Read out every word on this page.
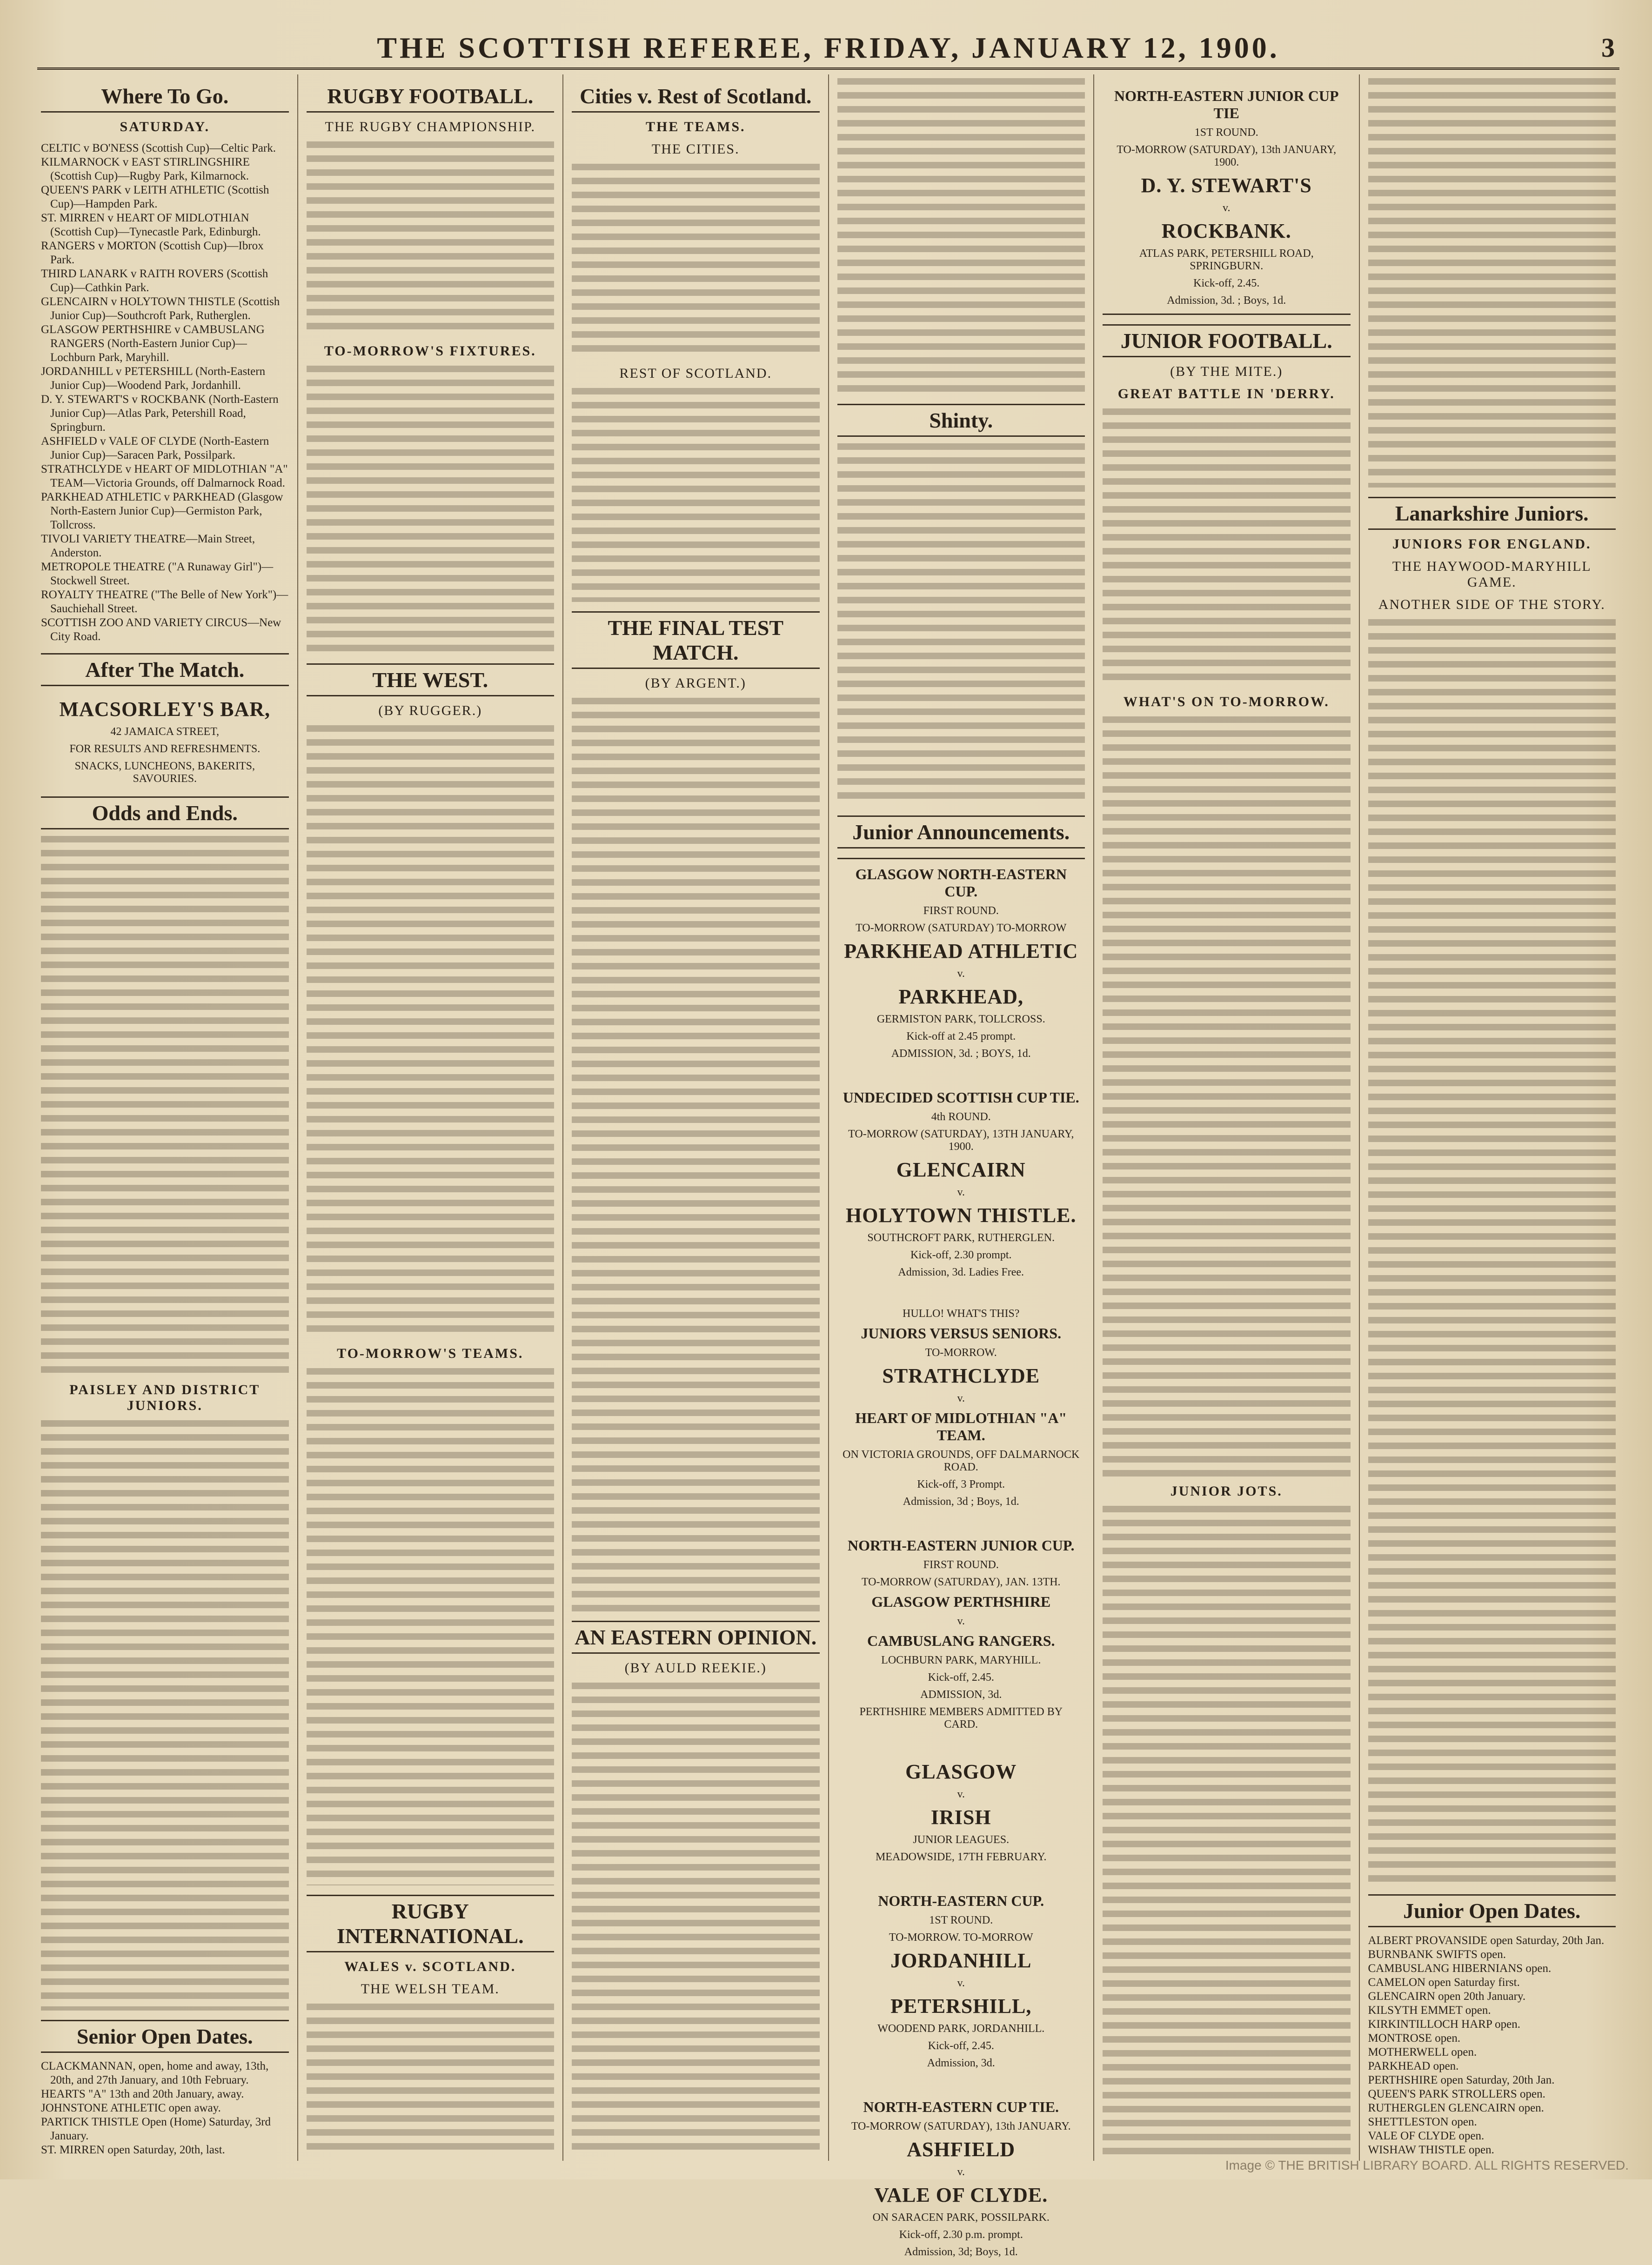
THE SCOTTISH REFEREE, FRIDAY, JANUARY 12, 1900.	3
Where To Go.
SATURDAY.
CELTIC v BO'NESS (Scottish Cup)—Celtic Park.
KILMARNOCK v EAST STIRLINGSHIRE (Scottish Cup)—Rugby Park, Kilmarnock.
QUEEN'S PARK v LEITH ATHLETIC (Scottish Cup)—Hampden Park.
ST. MIRREN v HEART OF MIDLOTHIAN (Scottish Cup)—Tynecastle Park, Edinburgh.
RANGERS v MORTON (Scottish Cup)—Ibrox Park.
THIRD LANARK v RAITH ROVERS (Scottish Cup)—Cathkin Park.
GLENCAIRN v HOLYTOWN THISTLE (Scottish Junior Cup)—Southcroft Park, Rutherglen.
GLASGOW PERTHSHIRE v CAMBUSLANG RANGERS (North-Eastern Junior Cup)—Lochburn Park, Maryhill.
JORDANHILL v PETERSHILL (North-Eastern Junior Cup)—Woodend Park, Jordanhill.
D. Y. STEWART'S v ROCKBANK (North-Eastern Junior Cup)—Atlas Park, Petershill Road, Springburn.
ASHFIELD v VALE OF CLYDE (North-Eastern Junior Cup)—Saracen Park, Possilpark.
STRATHCLYDE v HEART OF MIDLOTHIAN "A" TEAM—Victoria Grounds, off Dalmarnock Road.
PARKHEAD ATHLETIC v PARKHEAD (Glasgow North-Eastern Junior Cup)—Germiston Park, Tollcross.
TIVOLI VARIETY THEATRE—Main Street, Anderston.
METROPOLE THEATRE ("A Runaway Girl")—Stockwell Street.
ROYALTY THEATRE ("The Belle of New York")—Sauchiehall Street.
SCOTTISH ZOO AND VARIETY CIRCUS—New City Road.
After The Match.
MACSORLEY'S BAR,
42 JAMAICA STREET,
FOR RESULTS AND REFRESHMENTS.
SNACKS, LUNCHEONS, BAKERITS, SAVOURIES.
Odds and Ends.
PAISLEY AND DISTRICT JUNIORS.
Senior Open Dates.
CLACKMANNAN, open, home and away, 13th, 20th, and 27th January, and 10th February.
HEARTS "A" 13th and 20th January, away.
JOHNSTONE ATHLETIC open away.
PARTICK THISTLE Open (Home) Saturday, 3rd January.
ST. MIRREN open Saturday, 20th, last.
RUGBY FOOTBALL.
THE RUGBY CHAMPIONSHIP.
TO-MORROW'S FIXTURES.
THE WEST.
(BY RUGGER.)
TO-MORROW'S TEAMS.
RUGBY INTERNATIONAL.
WALES v. SCOTLAND.
THE WELSH TEAM.
Cities v. Rest of Scotland.
THE TEAMS.
THE CITIES.
REST OF SCOTLAND.
THE FINAL TEST MATCH.
(BY ARGENT.)
AN EASTERN OPINION.
(BY AULD REEKIE.)
Shinty.
Junior Announcements.
GLASGOW NORTH-EASTERN CUP.
FIRST ROUND.
TO-MORROW (SATURDAY) TO-MORROW
PARKHEAD ATHLETIC
v.
PARKHEAD,
GERMISTON PARK, TOLLCROSS.
Kick-off at 2.45 prompt.
ADMISSION, 3d. ; BOYS, 1d.
UNDECIDED SCOTTISH CUP TIE.
4th ROUND.
TO-MORROW (SATURDAY), 13TH JANUARY, 1900.
GLENCAIRN
v.
HOLYTOWN THISTLE.
SOUTHCROFT PARK, RUTHERGLEN.
Kick-off, 2.30 prompt.
Admission, 3d. Ladies Free.
HULLO! WHAT'S THIS?
JUNIORS VERSUS SENIORS.
TO-MORROW.
STRATHCLYDE
v.
HEART OF MIDLOTHIAN "A" TEAM.
ON VICTORIA GROUNDS, OFF DALMARNOCK ROAD.
Kick-off, 3 Prompt.
Admission, 3d ; Boys, 1d.
NORTH-EASTERN JUNIOR CUP.
FIRST ROUND.
TO-MORROW (SATURDAY), JAN. 13TH.
GLASGOW PERTHSHIRE
v.
CAMBUSLANG RANGERS.
LOCHBURN PARK, MARYHILL.
Kick-off, 2.45.
ADMISSION, 3d.
PERTHSHIRE MEMBERS ADMITTED BY CARD.
GLASGOW
v.
IRISH
JUNIOR LEAGUES.
MEADOWSIDE, 17TH FEBRUARY.
NORTH-EASTERN CUP.
1ST ROUND.
TO-MORROW. TO-MORROW
JORDANHILL
v.
PETERSHILL,
WOODEND PARK, JORDANHILL.
Kick-off, 2.45.
Admission, 3d.
NORTH-EASTERN CUP TIE.
TO-MORROW (SATURDAY), 13th JANUARY.
ASHFIELD
v.
VALE OF CLYDE.
ON SARACEN PARK, POSSILPARK.
Kick-off, 2.30 p.m. prompt.
Admission, 3d; Boys, 1d.
NORTH-EASTERN JUNIOR CUP TIE
1ST ROUND.
TO-MORROW (SATURDAY), 13th JANUARY, 1900.
D. Y. STEWART'S
v.
ROCKBANK.
ATLAS PARK, PETERSHILL ROAD, SPRINGBURN.
Kick-off, 2.45.
Admission, 3d. ; Boys, 1d.
JUNIOR FOOTBALL.
(BY THE MITE.)
GREAT BATTLE IN 'DERRY.
WHAT'S ON TO-MORROW.
JUNIOR JOTS.
Lanarkshire Juniors.
JUNIORS FOR ENGLAND.
THE HAYWOOD-MARYHILL GAME.
ANOTHER SIDE OF THE STORY.
Junior Open Dates.
ALBERT PROVANSIDE open Saturday, 20th Jan.
BURNBANK SWIFTS open.
CAMBUSLANG HIBERNIANS open.
CAMELON open Saturday first.
GLENCAIRN open 20th January.
KILSYTH EMMET open.
KIRKINTILLOCH HARP open.
MONTROSE open.
MOTHERWELL open.
PARKHEAD open.
PERTHSHIRE open Saturday, 20th Jan.
QUEEN'S PARK STROLLERS open.
RUTHERGLEN GLENCAIRN open.
SHETTLESTON open.
VALE OF CLYDE open.
WISHAW THISTLE open.
Image © THE BRITISH LIBRARY BOARD. ALL RIGHTS RESERVED.
